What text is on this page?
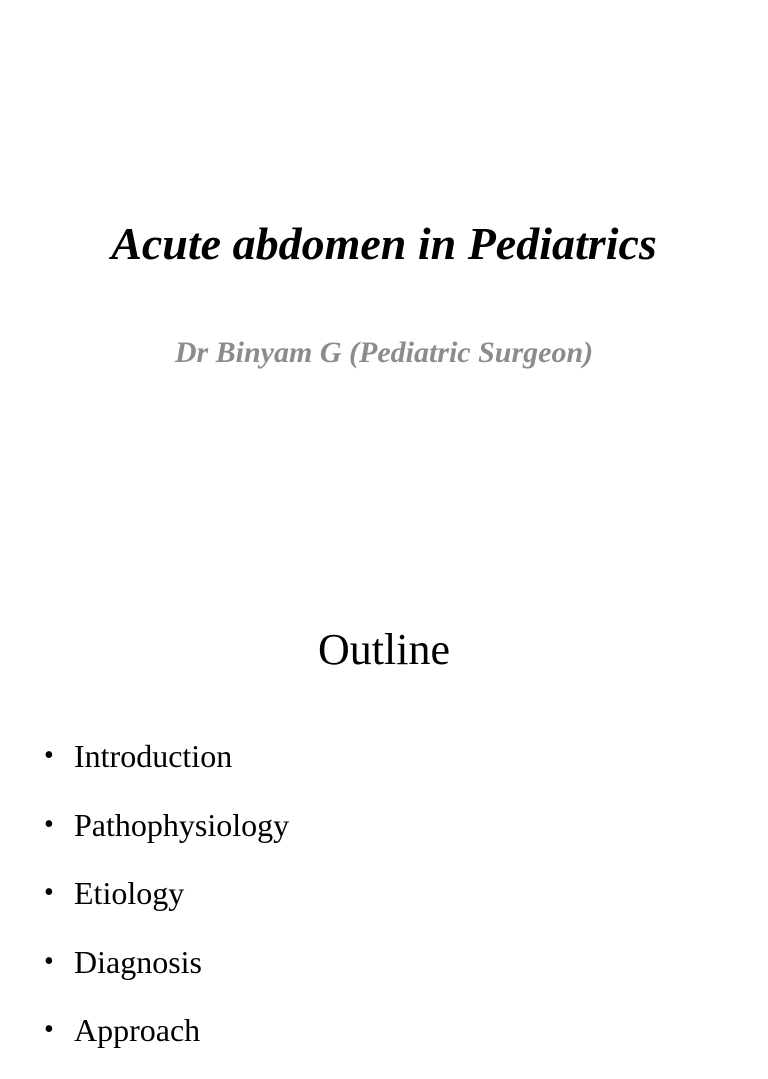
Acute abdomen in Pediatrics

Dr Binyam G (Pediatric Surgeon)

Outline
• Introduction
• Pathophysiology
• Etiology
• Diagnosis
• Approach
